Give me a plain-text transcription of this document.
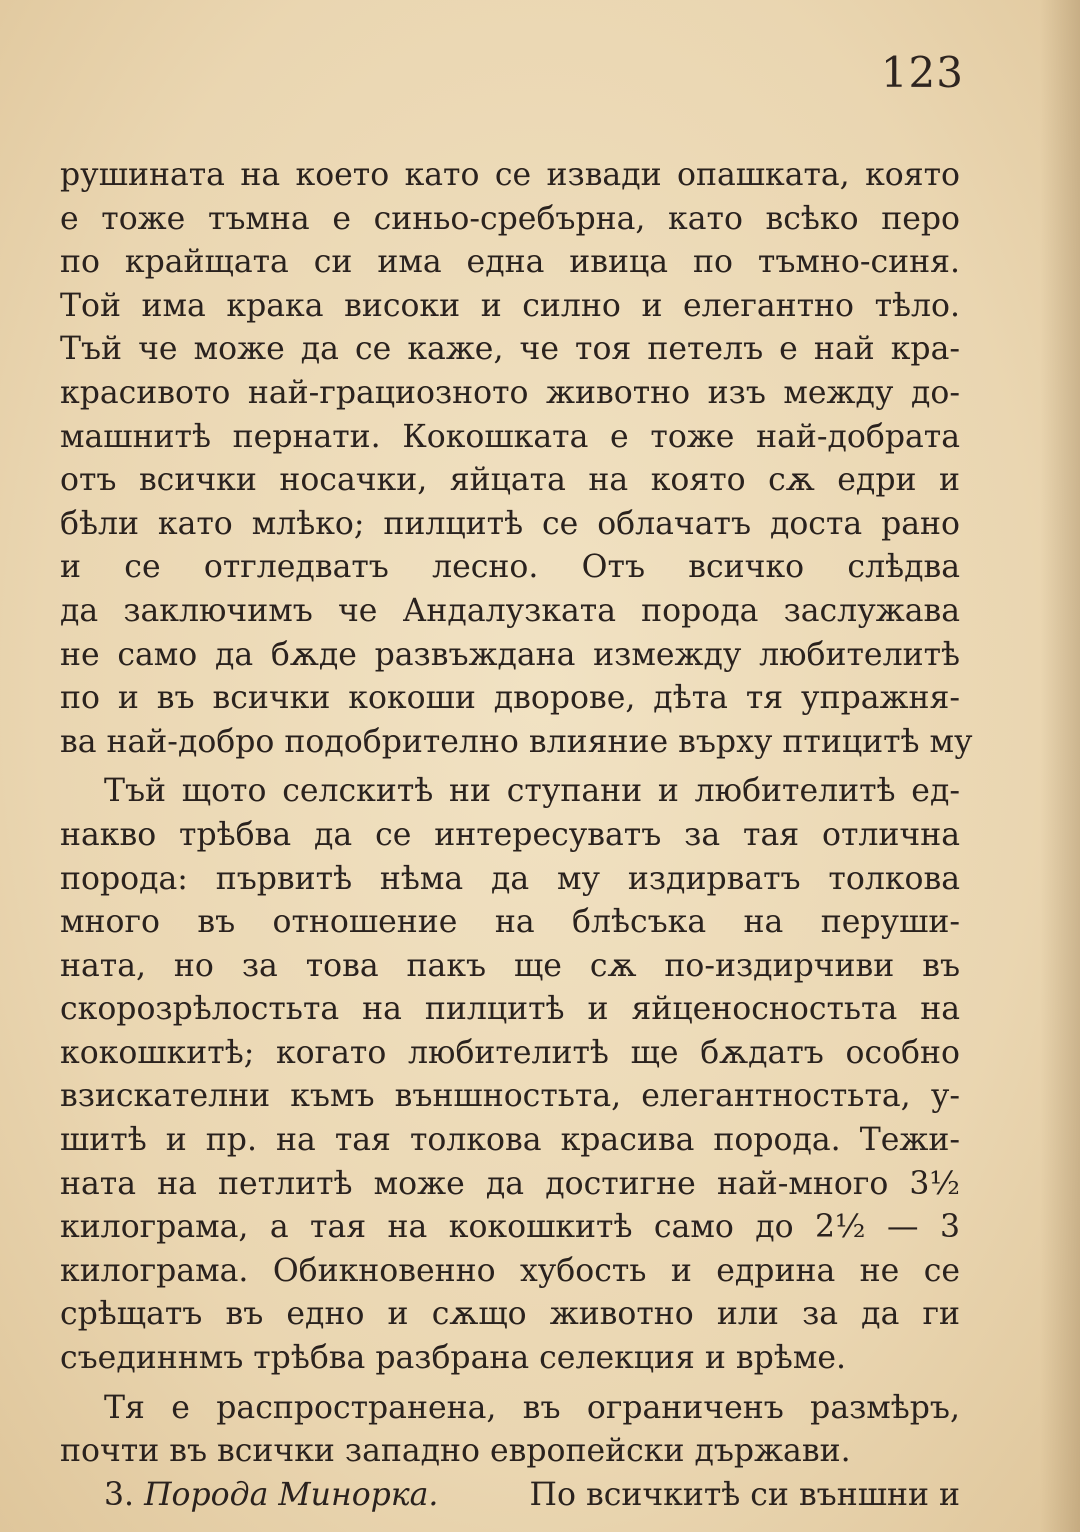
123
рушината на което като се извади опашката, която
е тоже тъмна е синьо-сребърна, като всѣко перо
по крайщата си има една ивица по тъмно-синя.
Той има крака високи и силно и елегантно тѣло.
Тъй че може да се каже, че тоя петелъ е най кра-
красивото най-грациозното животно изъ между до-
машнитѣ пернати. Кокошката е тоже най-добрата
отъ всички носачки, яйцата на която сѫ едри и
бѣли като млѣко; пилцитѣ се облачатъ доста рано
и се отгледватъ лесно. Отъ всичко слѣдва
да заключимъ че Андалузката порода заслужава
не само да бѫде развъждана измежду любителитѣ
по и въ всички кокоши дворове, дѣта тя упражня-
ва най-добро подобрително влияние върху птицитѣ му
Тъй щото селскитѣ ни ступани и любителитѣ ед-
накво трѣбва да се интересуватъ за тая отлична
порода: първитѣ нѣма да му издирватъ толкова
много въ отношение на блѣсъка на перуши-
ната, но за това пакъ ще сѫ по-издирчиви въ
скорозрѣлостьта на пилцитѣ и яйценосностьта на
кокошкитѣ; когато любителитѣ ще бѫдатъ особно
взискателни къмъ външностьта, елегантностьта, у-
шитѣ и пр. на тая толкова красива порода. Тежи-
ната на петлитѣ може да достигне най-много 3½
килограма, а тая на кокошкитѣ само до 2½ — 3
килограма. Обикновенно хубость и едрина не се
срѣщатъ въ едно и сѫщо животно или за да ги
съединнмъ трѣбва разбрана селекция и врѣме.
Тя е распространена, въ ограниченъ размѣръ,
почти въ всички западно европейски държави.
3. Порода Минорка.	По всичкитѣ си външни и
